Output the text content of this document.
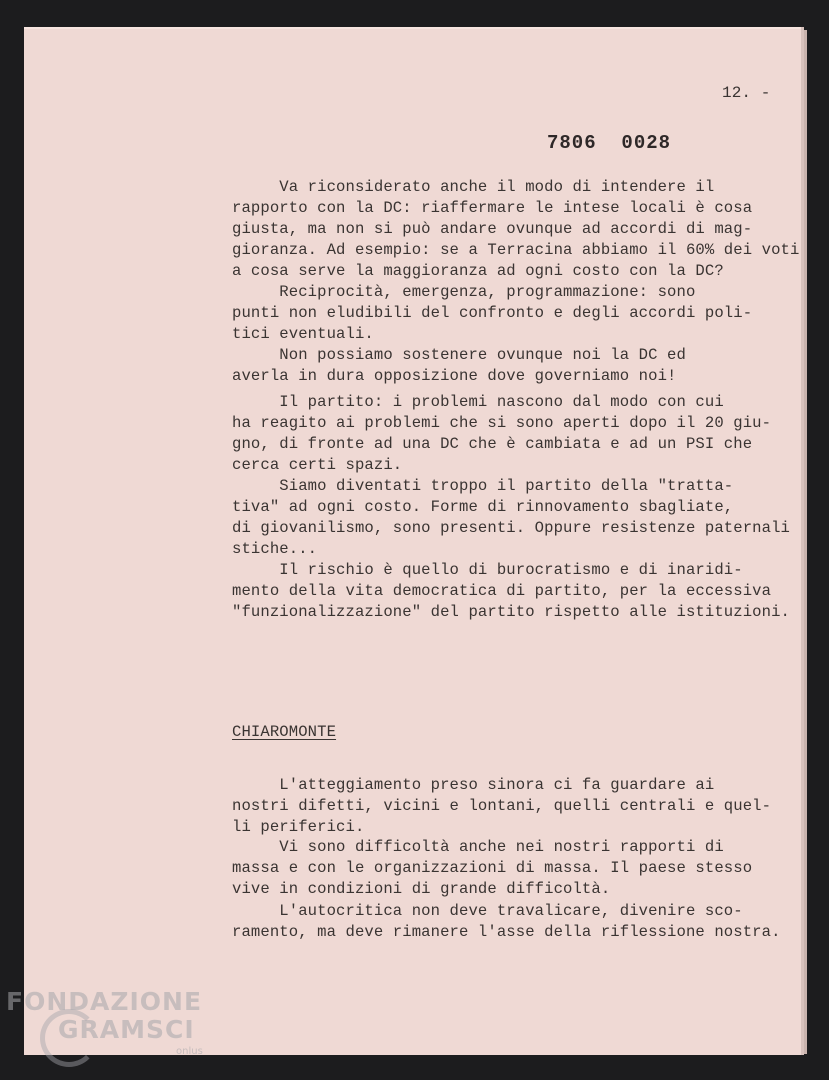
12. -

7806  0028

Va riconsiderato anche il modo di intendere il
rapporto con la DC: riaffermare le intese locali è cosa
giusta, ma non si può andare ovunque ad accordi di mag-
gioranza. Ad esempio: se a Terracina abbiamo il 60% dei voti
a cosa serve la maggioranza ad ogni costo con la DC?

Reciprocità, emergenza, programmazione: sono
punti non eludibili del confronto e degli accordi poli-
tici eventuali.

Non possiamo sostenere ovunque noi la DC ed
averla in dura opposizione dove governiamo noi!

Il partito: i problemi nascono dal modo con cui
ha reagito ai problemi che si sono aperti dopo il 20 giu-
gno, di fronte ad una DC che è cambiata e ad un PSI che
cerca certi spazi.

Siamo diventati troppo il partito della "tratta-
tiva" ad ogni costo. Forme di rinnovamento sbagliate,
di giovanilismo, sono presenti. Oppure resistenze paternali
stiche...

Il rischio è quello di burocratismo e di inaridi-
mento della vita democratica di partito, per la eccessiva
"funzionalizzazione" del partito rispetto alle istituzioni.

CHIAROMONTE

L'atteggiamento preso sinora ci fa guardare ai
nostri difetti, vicini e lontani, quelli centrali e quel-
li periferici.

Vi sono difficoltà anche nei nostri rapporti di
massa e con le organizzazioni di massa. Il paese stesso
vive in condizioni di grande difficoltà.

L'autocritica non deve travalicare, divenire sco-
ramento, ma deve rimanere l'asse della riflessione nostra.

FONDAZIONE
GRAMSCI
onlus
